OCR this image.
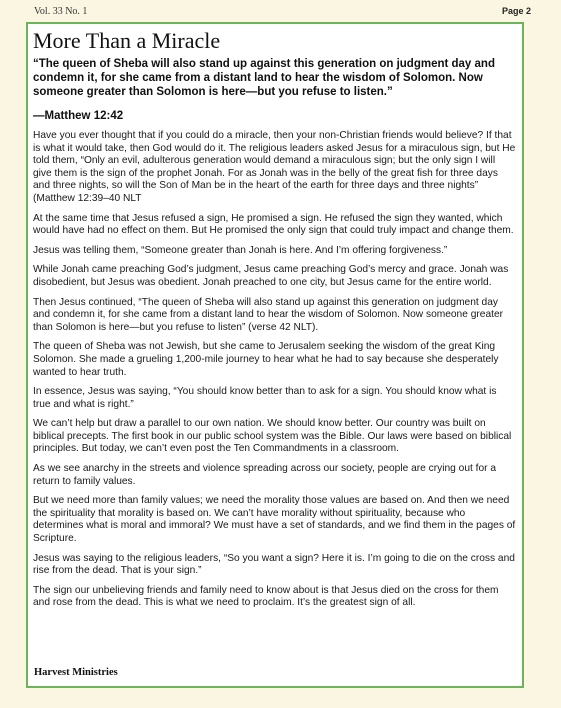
Vol. 33 No. 1	Page 2
More Than a Miracle

“The queen of Sheba will also stand up against this generation on judgment day and condemn it, for she came from a distant land to hear the wisdom of Solomon. Now someone greater than Solomon is here—but you refuse to listen.”

—Matthew 12:42

Have you ever thought that if you could do a miracle, then your non-Christian friends would believe? If that is what it would take, then God would do it. The religious leaders asked Jesus for a miraculous sign, but He told them, “Only an evil, adulterous generation would demand a miraculous sign; but the only sign I will give them is the sign of the prophet Jonah. For as Jonah was in the belly of the great fish for three days and three nights, so will the Son of Man be in the heart of the earth for three days and three nights” (Matthew 12:39–40 NLT

At the same time that Jesus refused a sign, He promised a sign. He refused the sign they wanted, which would have had no effect on them. But He promised the only sign that could truly impact and change them.

Jesus was telling them, “Someone greater than Jonah is here. And I’m offering forgiveness.”

While Jonah came preaching God’s judgment, Jesus came preaching God’s mercy and grace. Jonah was disobedient, but Jesus was obedient. Jonah preached to one city, but Jesus came for the entire world.

Then Jesus continued, “The queen of Sheba will also stand up against this generation on judgment day and condemn it, for she came from a distant land to hear the wisdom of Solomon. Now someone greater than Solomon is here—but you refuse to listen” (verse 42 NLT).

The queen of Sheba was not Jewish, but she came to Jerusalem seeking the wisdom of the great King Solomon. She made a grueling 1,200-mile journey to hear what he had to say because she desperately wanted to hear truth.

In essence, Jesus was saying, “You should know better than to ask for a sign. You should know what is true and what is right.”

We can’t help but draw a parallel to our own nation. We should know better. Our country was built on biblical precepts. The first book in our public school system was the Bible. Our laws were based on biblical principles. But today, we can’t even post the Ten Commandments in a classroom.

As we see anarchy in the streets and violence spreading across our society, people are crying out for a return to family values.

But we need more than family values; we need the morality those values are based on. And then we need the spirituality that morality is based on. We can’t have morality without spirituality, because who determines what is moral and immoral? We must have a set of standards, and we find them in the pages of Scripture.

Jesus was saying to the religious leaders, “So you want a sign? Here it is. I’m going to die on the cross and rise from the dead. That is your sign.”

The sign our unbelieving friends and family need to know about is that Jesus died on the cross for them and rose from the dead. This is what we need to proclaim. It’s the greatest sign of all.

Harvest Ministries
